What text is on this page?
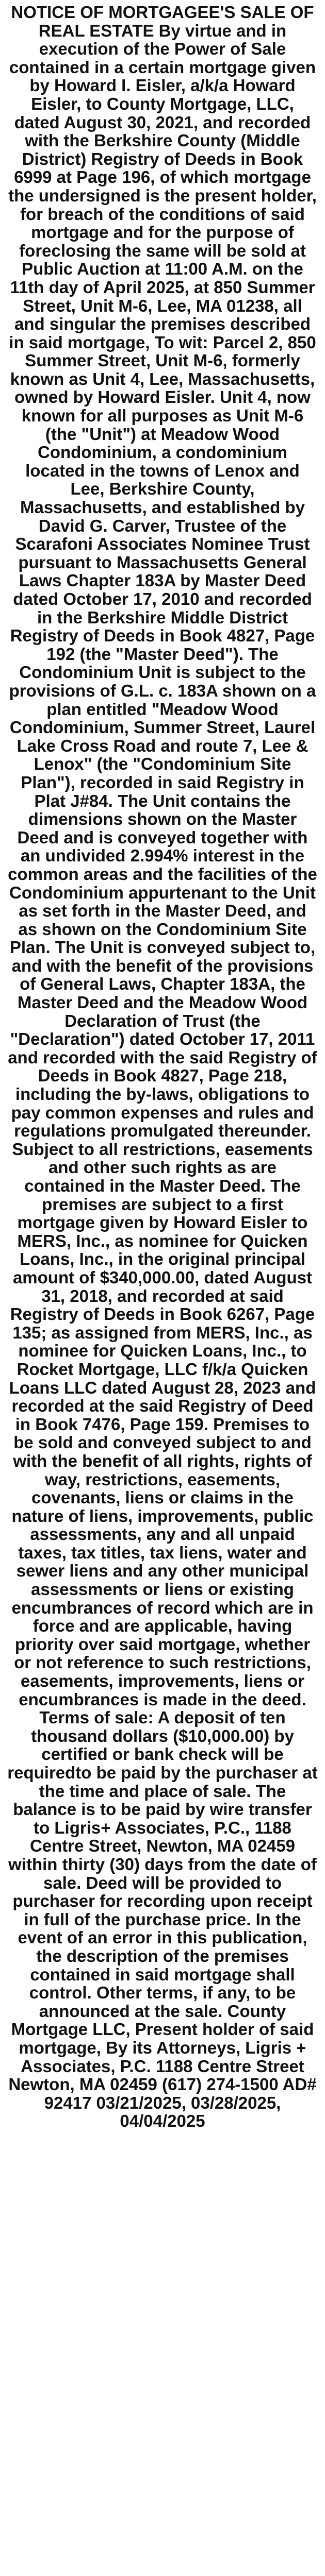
NOTICE OF MORTGAGEE'S SALE OF REAL ESTATE By virtue and in execution of the Power of Sale contained in a certain mortgage given by Howard I. Eisler, a/k/a Howard Eisler, to County Mortgage, LLC, dated August 30, 2021, and recorded with the Berkshire County (Middle District) Registry of Deeds in Book 6999 at Page 196, of which mortgage the undersigned is the present holder, for breach of the conditions of said mortgage and for the purpose of foreclosing the same will be sold at Public Auction at 11:00 A.M. on the 11th day of April 2025, at 850 Summer Street, Unit M-6, Lee, MA 01238, all and singular the premises described in said mortgage, To wit: Parcel 2, 850 Summer Street, Unit M-6, formerly known as Unit 4, Lee, Massachusetts, owned by Howard Eisler. Unit 4, now known for all purposes as Unit M-6 (the "Unit") at Meadow Wood Condominium, a condominium located in the towns of Lenox and Lee, Berkshire County, Massachusetts, and established by David G. Carver, Trustee of the Scarafoni Associates Nominee Trust pursuant to Massachusetts General Laws Chapter 183A by Master Deed dated October 17, 2010 and recorded in the Berkshire Middle District Registry of Deeds in Book 4827, Page 192 (the "Master Deed"). The Condominium Unit is subject to the provisions of G.L. c. 183A shown on a plan entitled "Meadow Wood Condominium, Summer Street, Laurel Lake Cross Road and route 7, Lee & Lenox" (the "Condominium Site Plan"), recorded in said Registry in Plat J#84. The Unit contains the dimensions shown on the Master Deed and is conveyed together with an undivided 2.994% interest in the common areas and the facilities of the Condominium appurtenant to the Unit as set forth in the Master Deed, and as shown on the Condominium Site Plan. The Unit is conveyed subject to, and with the benefit of the provisions of General Laws, Chapter 183A, the Master Deed and the Meadow Wood Declaration of Trust (the "Declaration") dated October 17, 2011 and recorded with the said Registry of Deeds in Book 4827, Page 218, including the by-laws, obligations to pay common expenses and rules and regulations promulgated thereunder. Subject to all restrictions, easements and other such rights as are contained in the Master Deed. The premises are subject to a first mortgage given by Howard Eisler to MERS, Inc., as nominee for Quicken Loans, Inc., in the original principal amount of $340,000.00, dated August 31, 2018, and recorded at said Registry of Deeds in Book 6267, Page 135; as assigned from MERS, Inc., as nominee for Quicken Loans, Inc., to Rocket Mortgage, LLC f/k/a Quicken Loans LLC dated August 28, 2023 and recorded at the said Registry of Deed in Book 7476, Page 159. Premises to be sold and conveyed subject to and with the benefit of all rights, rights of way, restrictions, easements, covenants, liens or claims in the nature of liens, improvements, public assessments, any and all unpaid taxes, tax titles, tax liens, water and sewer liens and any other municipal assessments or liens or existing encumbrances of record which are in force and are applicable, having priority over said mortgage, whether or not reference to such restrictions, easements, improvements, liens or encumbrances is made in the deed. Terms of sale: A deposit of ten thousand dollars ($10,000.00) by certified or bank check will be requiredto be paid by the purchaser at the time and place of sale. The balance is to be paid by wire transfer to Ligris+ Associates, P.C., 1188 Centre Street, Newton, MA 02459 within thirty (30) days from the date of sale. Deed will be provided to purchaser for recording upon receipt in full of the purchase price. In the event of an error in this publication, the description of the premises contained in said mortgage shall control. Other terms, if any, to be announced at the sale. County Mortgage LLC, Present holder of said mortgage, By its Attorneys, Ligris + Associates, P.C. 1188 Centre Street Newton, MA 02459 (617) 274-1500 AD# 92417 03/21/2025, 03/28/2025, 04/04/2025
